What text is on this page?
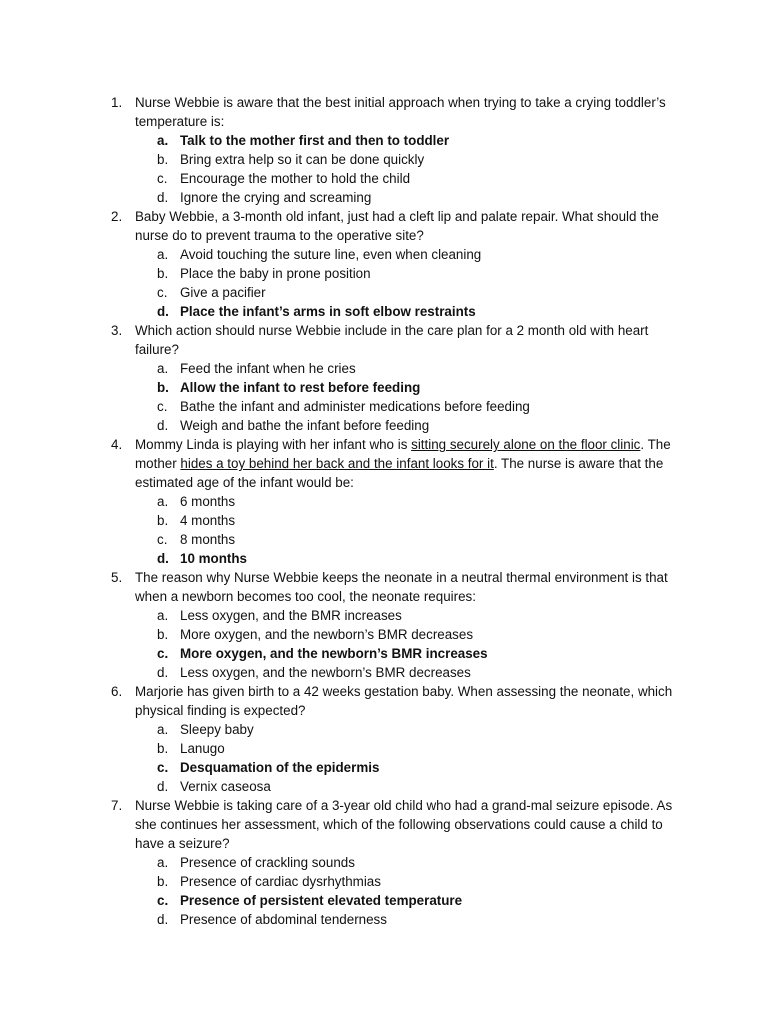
1. Nurse Webbie is aware that the best initial approach when trying to take a crying toddler’s temperature is:
a. Talk to the mother first and then to toddler
b. Bring extra help so it can be done quickly
c. Encourage the mother to hold the child
d. Ignore the crying and screaming
2. Baby Webbie, a 3-month old infant, just had a cleft lip and palate repair. What should the nurse do to prevent trauma to the operative site?
a. Avoid touching the suture line, even when cleaning
b. Place the baby in prone position
c. Give a pacifier
d. Place the infant’s arms in soft elbow restraints
3. Which action should nurse Webbie include in the care plan for a 2 month old with heart failure?
a. Feed the infant when he cries
b. Allow the infant to rest before feeding
c. Bathe the infant and administer medications before feeding
d. Weigh and bathe the infant before feeding
4. Mommy Linda is playing with her infant who is sitting securely alone on the floor clinic. The mother hides a toy behind her back and the infant looks for it. The nurse is aware that the estimated age of the infant would be:
a. 6 months
b. 4 months
c. 8 months
d. 10 months
5. The reason why Nurse Webbie keeps the neonate in a neutral thermal environment is that when a newborn becomes too cool, the neonate requires:
a. Less oxygen, and the BMR increases
b. More oxygen, and the newborn’s BMR decreases
c. More oxygen, and the newborn’s BMR increases
d. Less oxygen, and the newborn’s BMR decreases
6. Marjorie has given birth to a 42 weeks gestation baby. When assessing the neonate, which physical finding is expected?
a. Sleepy baby
b. Lanugo
c. Desquamation of the epidermis
d. Vernix caseosa
7. Nurse Webbie is taking care of a 3-year old child who had a grand-mal seizure episode. As she continues her assessment, which of the following observations could cause a child to have a seizure?
a. Presence of crackling sounds
b. Presence of cardiac dysrhythmias
c. Presence of persistent elevated temperature
d. Presence of abdominal tenderness
